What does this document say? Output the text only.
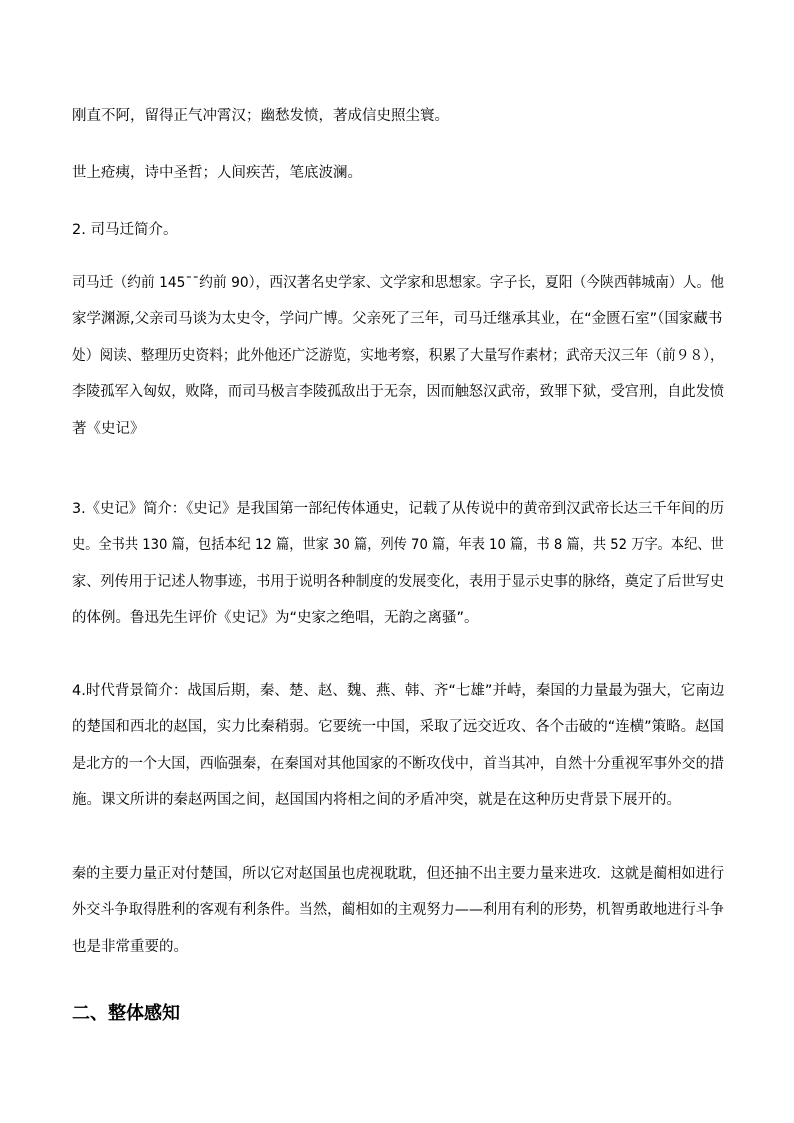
刚直不阿，留得正气冲霄汉；幽愁发愤，著成信史照尘寰。

世上疮痍，诗中圣哲；人间疾苦，笔底波澜。

2. 司马迁简介。

司马迁（约前 145¯¯约前 90），西汉著名史学家、文学家和思想家。字子长，夏阳（今陕西韩城南）人。他
家学渊源,父亲司马谈为太史令，学问广博。父亲死了三年，司马迁继承其业，在“金匮石室”（国家藏书
处）阅读、整理历史资料；此外他还广泛游览，实地考察，积累了大量写作素材；武帝天汉三年（前９８），
李陵孤军入匈奴，败降，而司马极言李陵孤敌出于无奈，因而触怒汉武帝，致罪下狱，受宫刑，自此发愤
著《史记》

3.《史记》简介：《史记》是我国第一部纪传体通史，记载了从传说中的黄帝到汉武帝长达三千年间的历
史。全书共 130 篇，包括本纪 12 篇，世家 30 篇，列传 70 篇，年表 10 篇，书 8 篇，共 52 万字。本纪、世
家、列传用于记述人物事迹，书用于说明各种制度的发展变化，表用于显示史事的脉络，奠定了后世写史
的体例。鲁迅先生评价《史记》为“史家之绝唱，无韵之离骚”。

4.时代背景简介：战国后期，秦、楚、赵、魏、燕、韩、齐“七雄”并峙，秦国的力量最为强大，它南边
的楚国和西北的赵国，实力比秦稍弱。它要统一中国，采取了远交近攻、各个击破的“连横”策略。赵国
是北方的一个大国，西临强秦，在秦国对其他国家的不断攻伐中，首当其冲，自然十分重视军事外交的措
施。课文所讲的秦赵两国之间，赵国国内将相之间的矛盾冲突，就是在这种历史背景下展开的。

秦的主要力量正对付楚国，所以它对赵国虽也虎视耽耽，但还抽不出主要力量来进攻．这就是蔺相如进行
外交斗争取得胜利的客观有利条件。当然，蔺相如的主观努力——利用有利的形势，机智勇敢地进行斗争
也是非常重要的。

二、整体感知
